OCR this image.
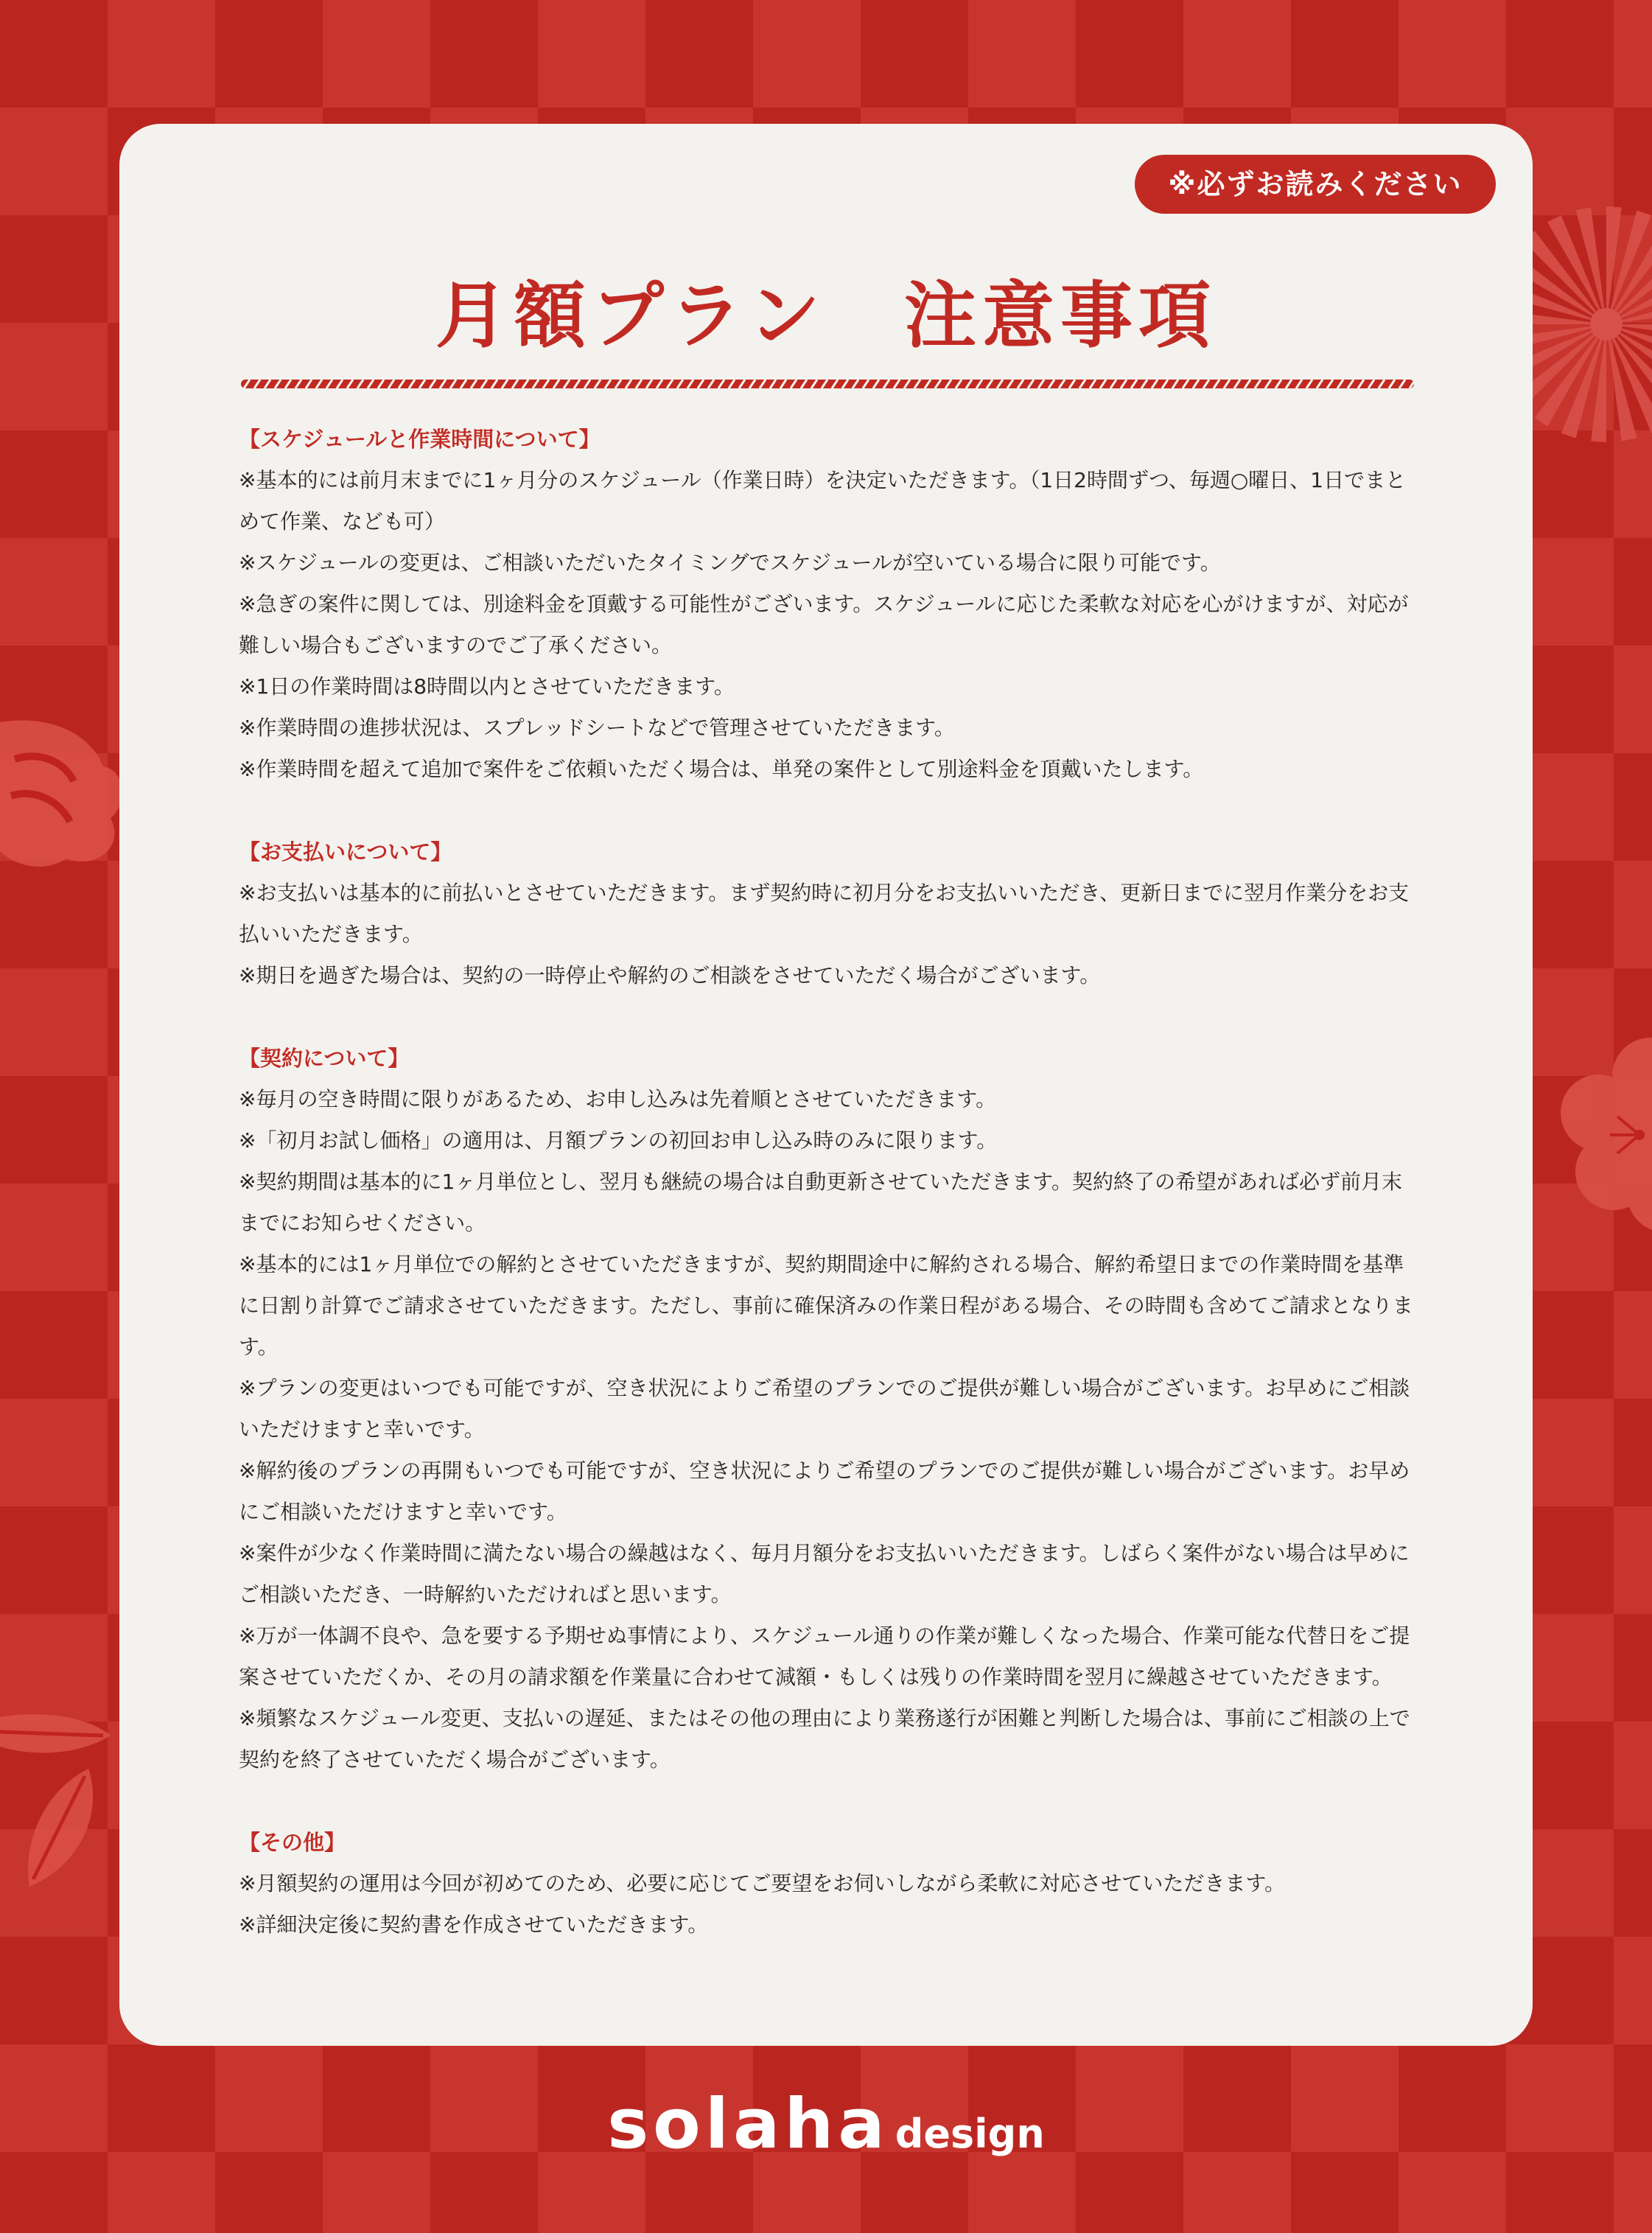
※必ずお読みください
月額プラン　注意事項
【スケジュールと作業時間について】

※基本的には前月末までに1ヶ月分のスケジュール（作業日時）を決定いただきます。（1日2時間ずつ、毎週○曜日、1日でまとめて作業、なども可）

※スケジュールの変更は、ご相談いただいたタイミングでスケジュールが空いている場合に限り可能です。

※急ぎの案件に関しては、別途料金を頂戴する可能性がございます。スケジュールに応じた柔軟な対応を心がけますが、対応が難しい場合もございますのでご了承ください。

※1日の作業時間は8時間以内とさせていただきます。

※作業時間の進捗状況は、スプレッドシートなどで管理させていただきます。

※作業時間を超えて追加で案件をご依頼いただく場合は、単発の案件として別途料金を頂戴いたします。

【お支払いについて】

※お支払いは基本的に前払いとさせていただきます。まず契約時に初月分をお支払いいただき、更新日までに翌月作業分をお支払いいただきます。

※期日を過ぎた場合は、契約の一時停止や解約のご相談をさせていただく場合がございます。

【契約について】

※毎月の空き時間に限りがあるため、お申し込みは先着順とさせていただきます。

※「初月お試し価格」の適用は、月額プランの初回お申し込み時のみに限ります。

※契約期間は基本的に1ヶ月単位とし、翌月も継続の場合は自動更新させていただきます。契約終了の希望があれば必ず前月末までにお知らせください。

※基本的には1ヶ月単位での解約とさせていただきますが、契約期間途中に解約される場合、解約希望日までの作業時間を基準に日割り計算でご請求させていただきます。ただし、事前に確保済みの作業日程がある場合、その時間も含めてご請求となります。

※プランの変更はいつでも可能ですが、空き状況によりご希望のプランでのご提供が難しい場合がございます。お早めにご相談いただけますと幸いです。

※解約後のプランの再開もいつでも可能ですが、空き状況によりご希望のプランでのご提供が難しい場合がございます。お早めにご相談いただけますと幸いです。

※案件が少なく作業時間に満たない場合の繰越はなく、毎月月額分をお支払いいただきます。しばらく案件がない場合は早めにご相談いただき、一時解約いただければと思います。

※万が一体調不良や、急を要する予期せぬ事情により、スケジュール通りの作業が難しくなった場合、作業可能な代替日をご提案させていただくか、その月の請求額を作業量に合わせて減額・もしくは残りの作業時間を翌月に繰越させていただきます。

※頻繁なスケジュール変更、支払いの遅延、またはその他の理由により業務遂行が困難と判断した場合は、事前にご相談の上で契約を終了させていただく場合がございます。

【その他】

※月額契約の運用は今回が初めてのため、必要に応じてご要望をお伺いしながら柔軟に対応させていただきます。

※詳細決定後に契約書を作成させていただきます。

solaha design
